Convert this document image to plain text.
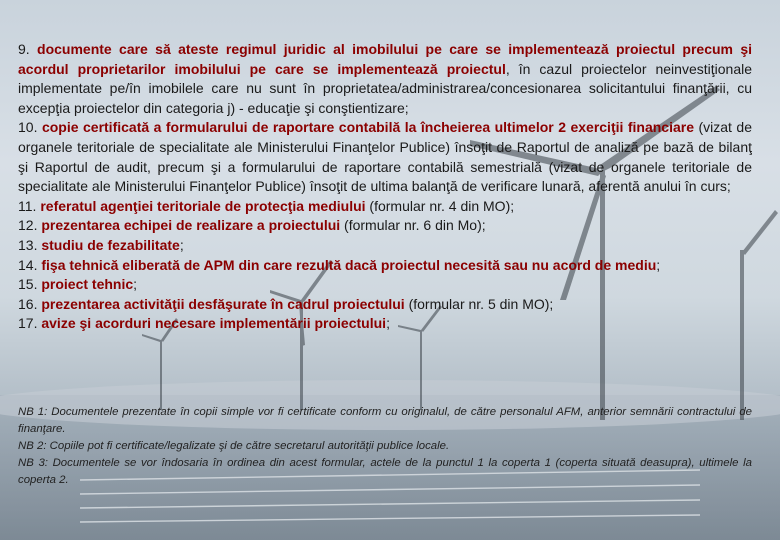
9. documente care să ateste regimul juridic al imobilului pe care se implementează proiectul precum şi acordul proprietarilor imobilului pe care se implementează proiectul, în cazul proiectelor neinvestiţionale implementate pe/în imobilele care nu sunt în proprietatea/administrarea/concesionarea solicitantului finanţării, cu excepţia proiectelor din categoria j) - educaţie şi conştientizare;

10. copie certificată a formularului de raportare contabilă la încheierea ultimelor 2 exerciţii financiare (vizat de organele teritoriale de specialitate ale Ministerului Finanţelor Publice) însoţit de Raportul de analiză pe bază de bilanţ şi Raportul de audit, precum şi a formularului de raportare contabilă semestrială (vizat de organele teritoriale de specialitate ale Ministerului Finanţelor Publice) însoţit de ultima balanţă de verificare lunară, aferentă anului în curs;

11. referatul agenţiei teritoriale de protecţia mediului (formular nr. 4 din MO);

12. prezentarea echipei de realizare a proiectului (formular nr. 6 din Mo);

13. studiu de fezabilitate;

14. fişa tehnică eliberată de APM din care rezultă dacă proiectul necesită sau nu acord de mediu;

15. proiect tehnic;

16. prezentarea activităţii desfăşurate în cadrul proiectului (formular nr. 5 din MO);

17. avize şi acorduri necesare implementării proiectului;

NB 1: Documentele prezentate în copii simple vor fi certificate conform cu originalul, de către personalul AFM, anterior semnării contractului de finanţare.

NB 2: Copiile pot fi certificate/legalizate şi de către secretarul autorităţii publice locale.

NB 3: Documentele se vor îndosaria în ordinea din acest formular, actele de la punctul 1 la coperta 1 (coperta situată deasupra), ultimele la coperta 2.
